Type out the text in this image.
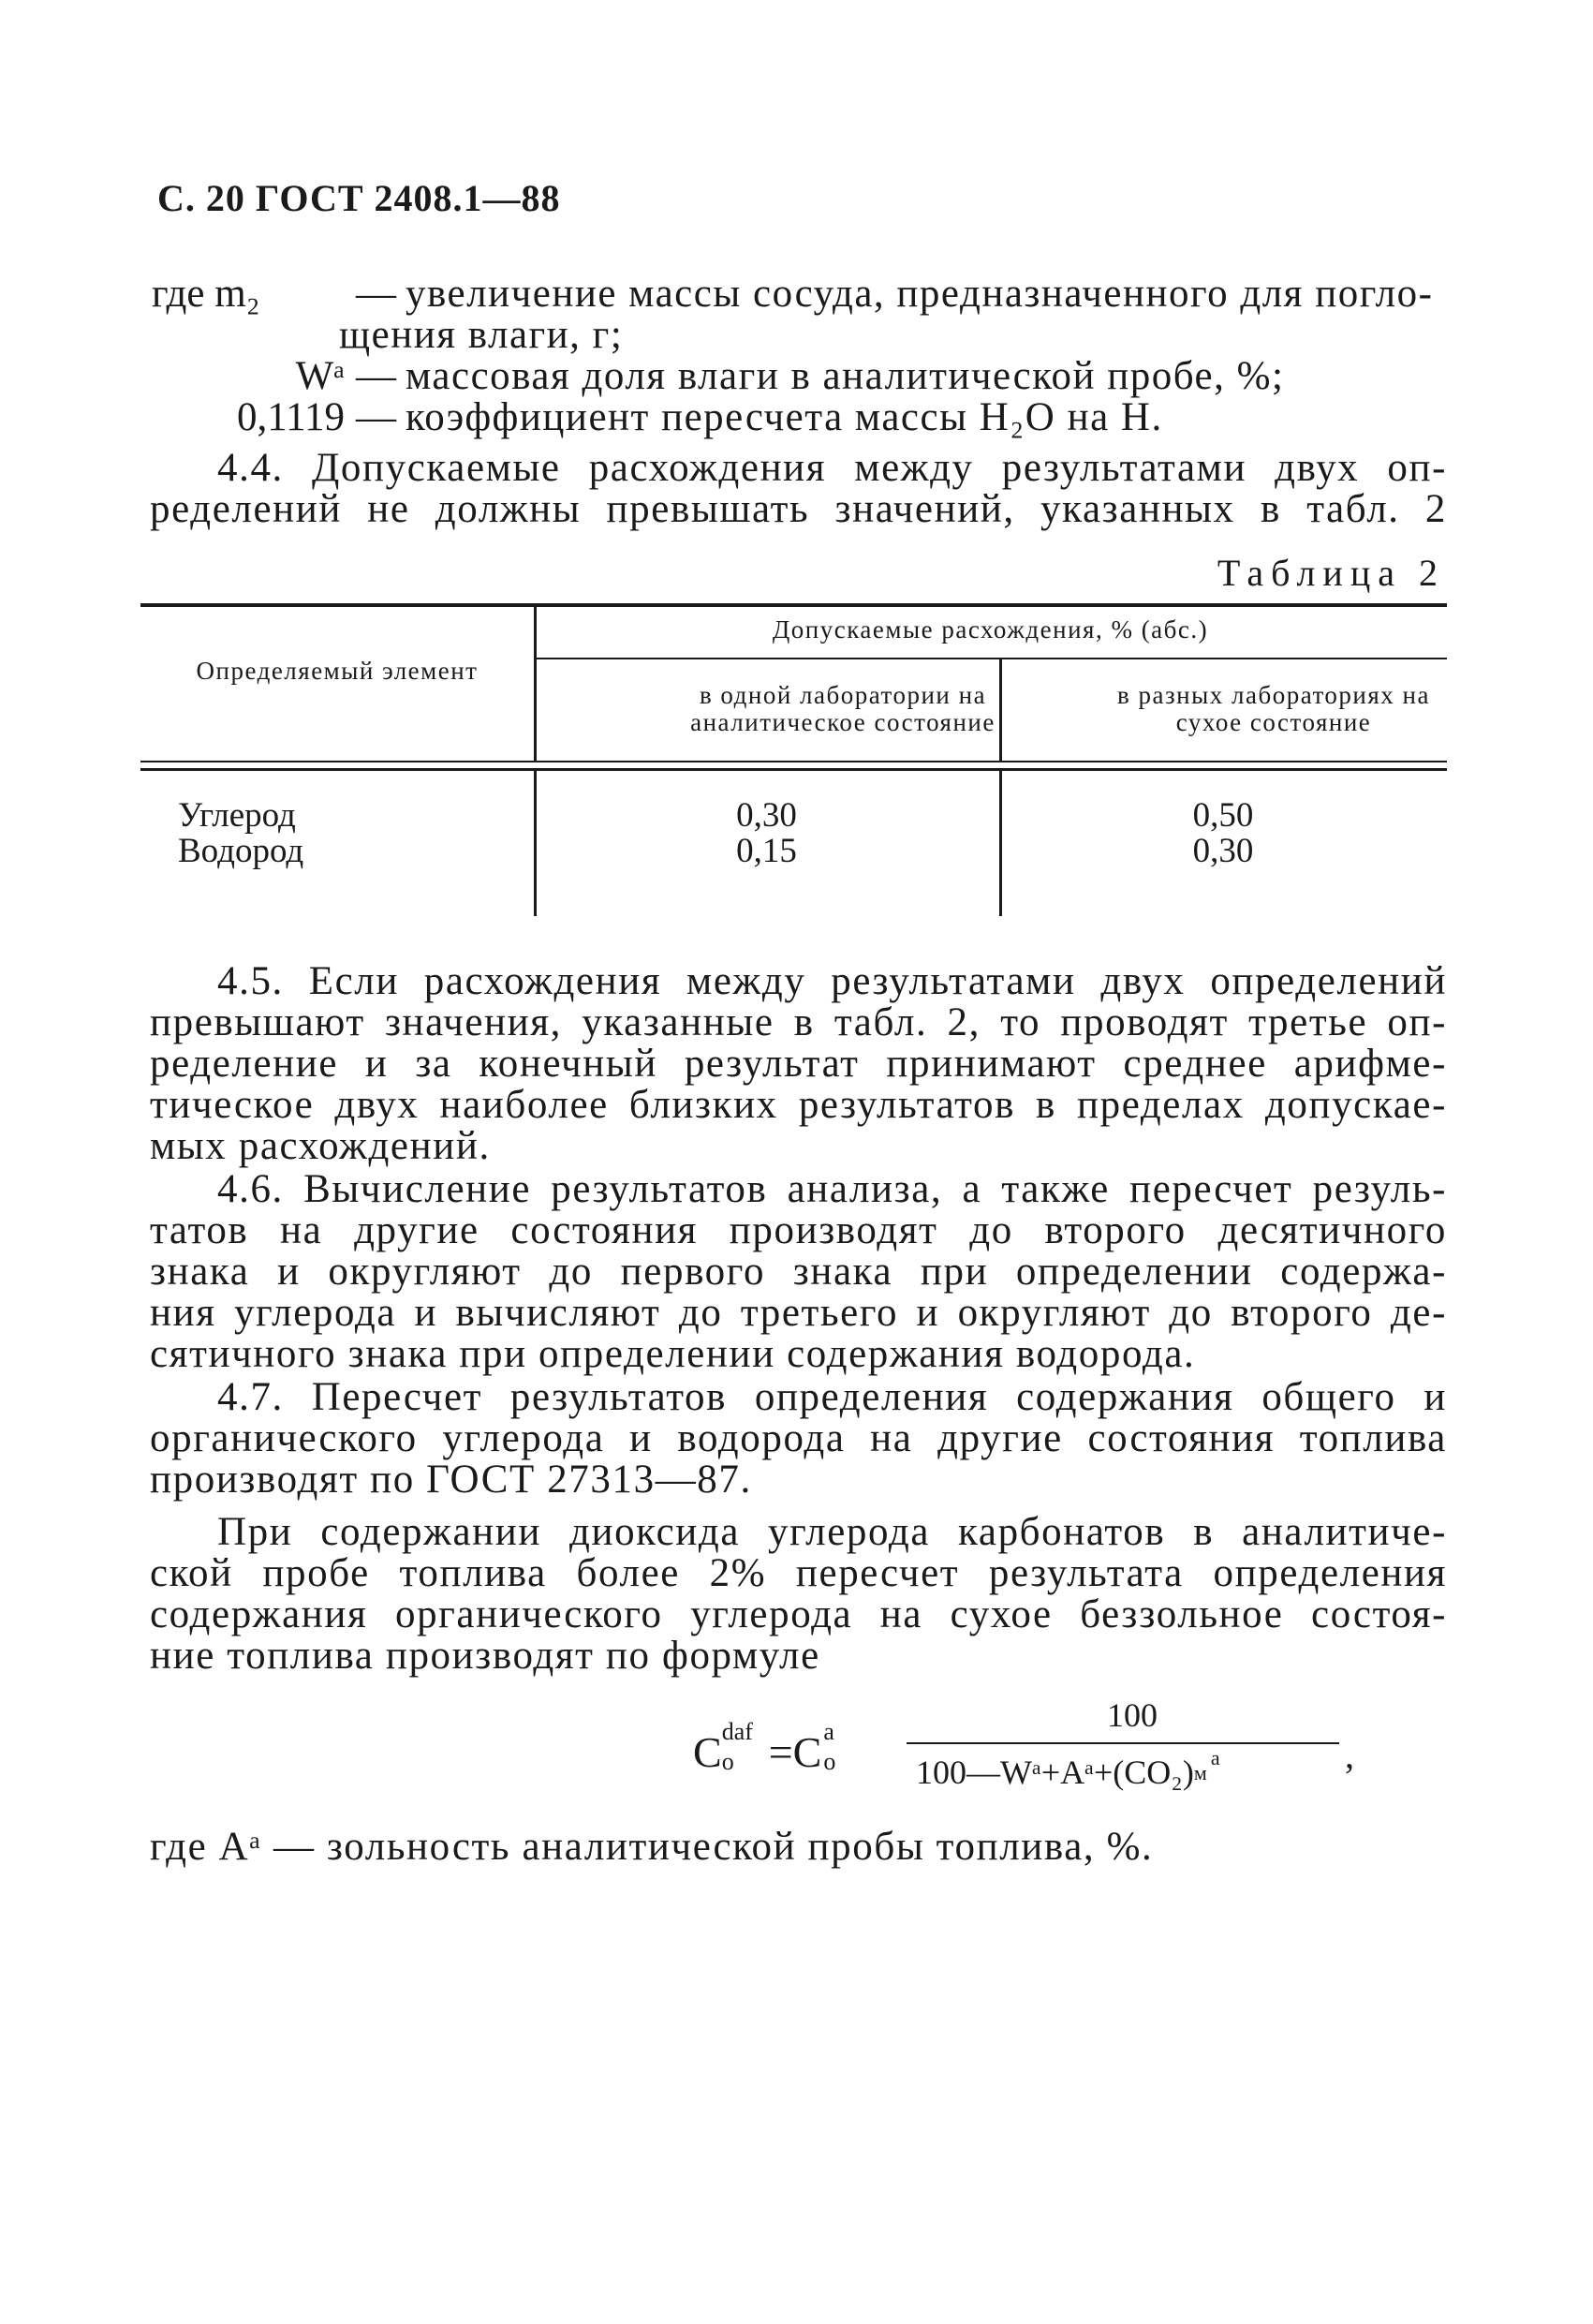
С. 20 ГОСТ 2408.1—88
где m₂	— увеличение массы сосуда, предназначенного для погло-
щения влаги, г;
Wᵃ — массовая доля влаги в аналитической пробе, %;
0,1119 — коэффициент пересчета массы H₂O на H.
4.4. Допускаемые расхождения между результатами двух оп-
ределений не должны превышать значений, указанных в табл. 2
Таблица 2
Определяемый элемент
Допускаемые расхождения, % (абс.)
в одной лаборатории на аналитическое состояние
в разных лабораториях на сухое состояние
Углерод	0,30	0,50
Водород	0,15	0,30
4.5. Если расхождения между результатами двух определений
превышают значения, указанные в табл. 2, то проводят третье оп-
ределение и за конечный результат принимают среднее арифме-
тическое двух наиболее близких результатов в пределах допускае-
мых расхождений.
4.6. Вычисление результатов анализа, а также пересчет резуль-
татов на другие состояния производят до второго десятичного
знака и округляют до первого знака при определении содержа-
ния углерода и вычисляют до третьего и округляют до второго де-
сятичного знака при определении содержания водорода.
4.7. Пересчет результатов определения содержания общего и
органического углерода и водорода на другие состояния топлива
производят по ГОСТ 27313—87.
При содержании диоксида углерода карбонатов в аналитиче-
ской пробе топлива более 2% пересчет результата определения
содержания органического углерода на сухое беззольное состоя-
ние топлива производят по формуле
C daf
o =C a
o
100
100—Wᵃ+Aᵃ+(CO₂) м
a	,
где Aᵃ — зольность аналитической пробы топлива, %.
